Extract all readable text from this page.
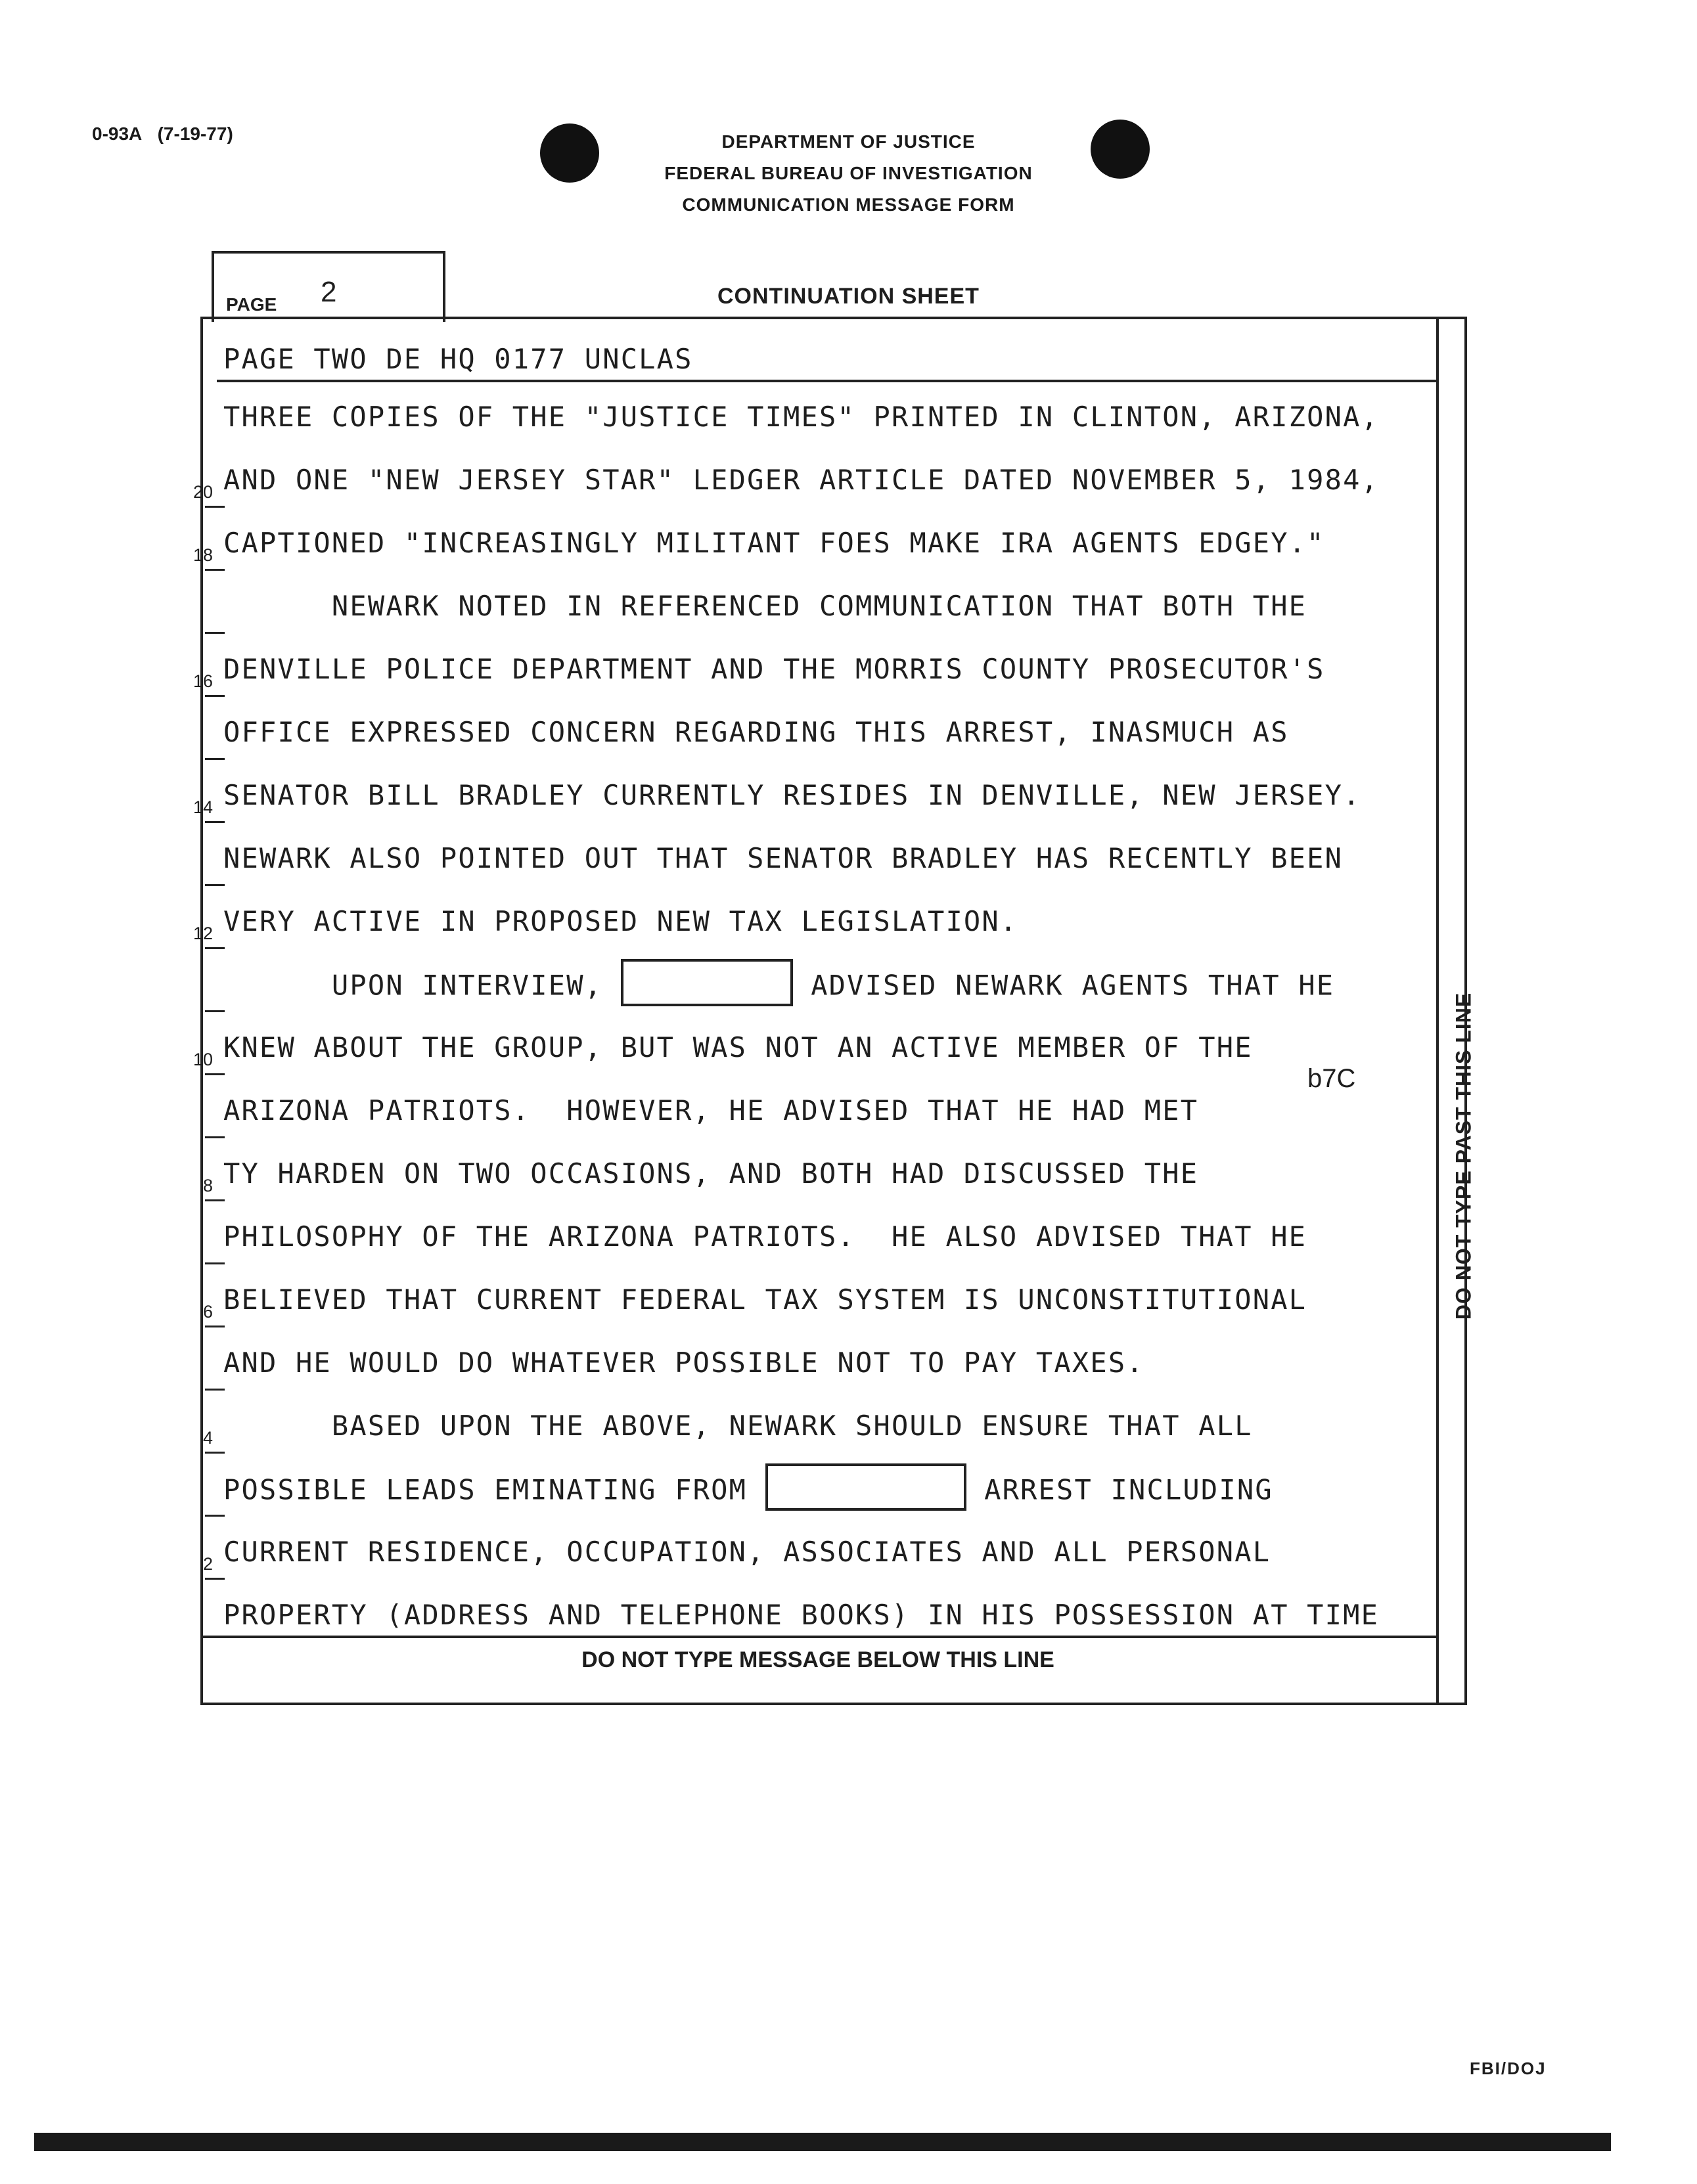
0-93A (7-19-77)	DEPARTMENT OF JUSTICE
FEDERAL BUREAU OF INVESTIGATION
COMMUNICATION MESSAGE FORM
PAGE 2	CONTINUATION SHEET
DO NOT TYPE MESSAGE BELOW THIS LINE
DO NOT TYPE PAST THIS LINE
PAGE TWO DE HQ 0177 UNCLAS
THREE COPIES OF THE "JUSTICE TIMES" PRINTED IN CLINTON, ARIZONA,
AND ONE "NEW JERSEY STAR" LEDGER ARTICLE DATED NOVEMBER 5, 1984,
CAPTIONED "INCREASINGLY MILITANT FOES MAKE IRA AGENTS EDGEY."
NEWARK NOTED IN REFERENCED COMMUNICATION THAT BOTH THE
DENVILLE POLICE DEPARTMENT AND THE MORRIS COUNTY PROSECUTOR'S
OFFICE EXPRESSED CONCERN REGARDING THIS ARREST, INASMUCH AS
SENATOR BILL BRADLEY CURRENTLY RESIDES IN DENVILLE, NEW JERSEY.
NEWARK ALSO POINTED OUT THAT SENATOR BRADLEY HAS RECENTLY BEEN
VERY ACTIVE IN PROPOSED NEW TAX LEGISLATION.
UPON INTERVIEW,	ADVISED NEWARK AGENTS THAT HE
KNEW ABOUT THE GROUP, BUT WAS NOT AN ACTIVE MEMBER OF THE
ARIZONA PATRIOTS.  HOWEVER, HE ADVISED THAT HE HAD MET
TY HARDEN ON TWO OCCASIONS, AND BOTH HAD DISCUSSED THE
PHILOSOPHY OF THE ARIZONA PATRIOTS.  HE ALSO ADVISED THAT HE
BELIEVED THAT CURRENT FEDERAL TAX SYSTEM IS UNCONSTITUTIONAL
AND HE WOULD DO WHATEVER POSSIBLE NOT TO PAY TAXES.
BASED UPON THE ABOVE, NEWARK SHOULD ENSURE THAT ALL
POSSIBLE LEADS EMINATING FROM	ARREST INCLUDING
CURRENT RESIDENCE, OCCUPATION, ASSOCIATES AND ALL PERSONAL
PROPERTY (ADDRESS AND TELEPHONE BOOKS) IN HIS POSSESSION AT TIME
b7C
20
18
16
14
12
10
8
6
4
2
FBI/DOJ
